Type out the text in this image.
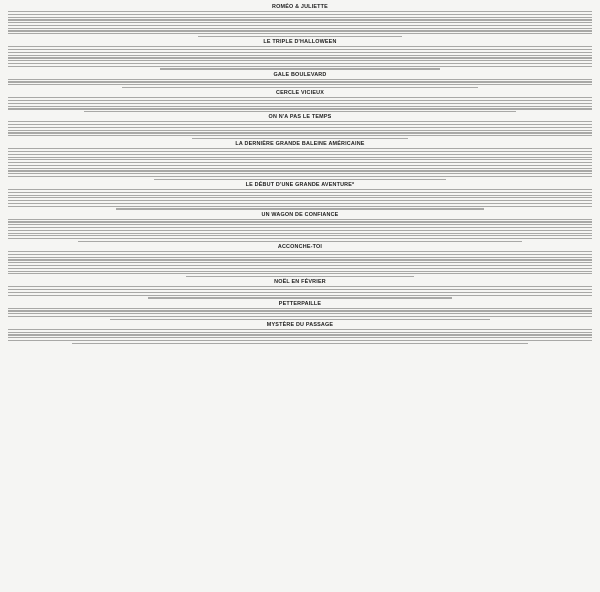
ROMÉO & JULIETTE
LE TRIPLE D'HALLOWEEN
GALE BOULEVARD
CERCLE VICIEUX
ON N'A PAS LE TEMPS
LA DERNIÈRE GRANDE BALEINE AMÉRICAINE
LE DÉBUT D'UNE GRANDE AVENTURE*
UN WAGON DE CONFIANCE
ACCONCHE-TOI
NOËL EN FÉVRIER
PETTERPAILLE
MYSTÈRE DU PASSAGE
